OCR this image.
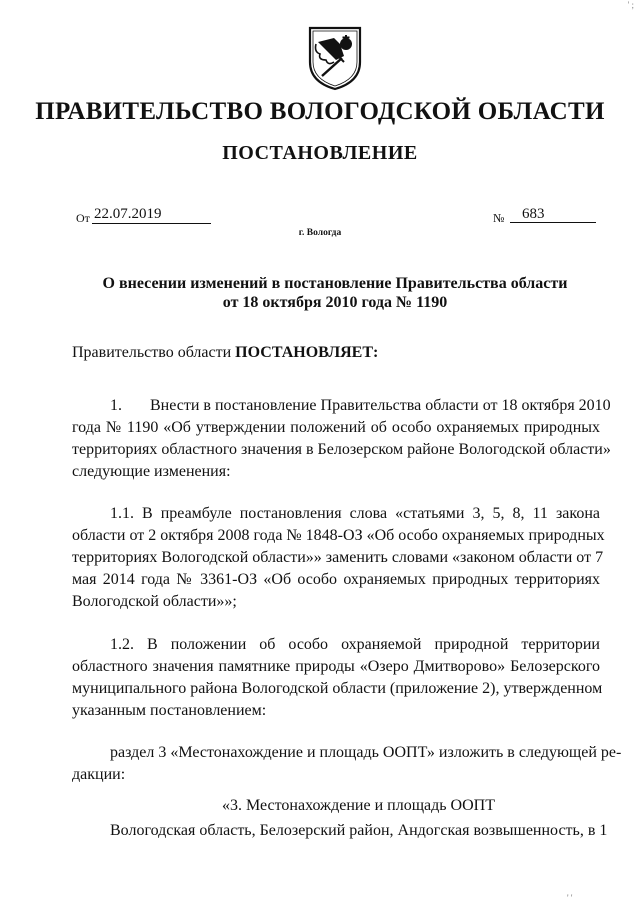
ПРАВИТЕЛЬСТВО ВОЛОГОДСКОЙ ОБЛАСТИ
ПОСТАНОВЛЕНИЕ
От 22.07.2019	№	683
г. Вологда
О внесении изменений в постановление Правительства области
от 18 октября 2010 года № 1190
Правительство области ПОСТАНОВЛЯЕТ:
1.       Внести в постановление Правительства области от 18 октября 2010
года № 1190 «Об утверждении положений об особо охраняемых природных
территориях областного значения в Белозерском районе Вологодской области»
следующие изменения:
1.1. В преамбуле постановления слова «статьями 3, 5, 8, 11 закона
области от 2 октября 2008 года № 1848-ОЗ «Об особо охраняемых природных
территориях Вологодской области»» заменить словами «законом области от 7
мая 2014 года № 3361-ОЗ «Об особо охраняемых природных территориях
Вологодской области»»;
1.2. В положении об особо охраняемой природной территории
областного значения памятнике природы «Озеро Дмитворово» Белозерского
муниципального района Вологодской области (приложение 2), утвержденном
указанным постановлением:
раздел 3 «Местонахождение и площадь ООПТ» изложить в следующей ре-
дакции:
«3. Местонахождение и площадь ООПТ
Вологодская область, Белозерский район, Андогская возвышенность, в 1
' ;
' '
